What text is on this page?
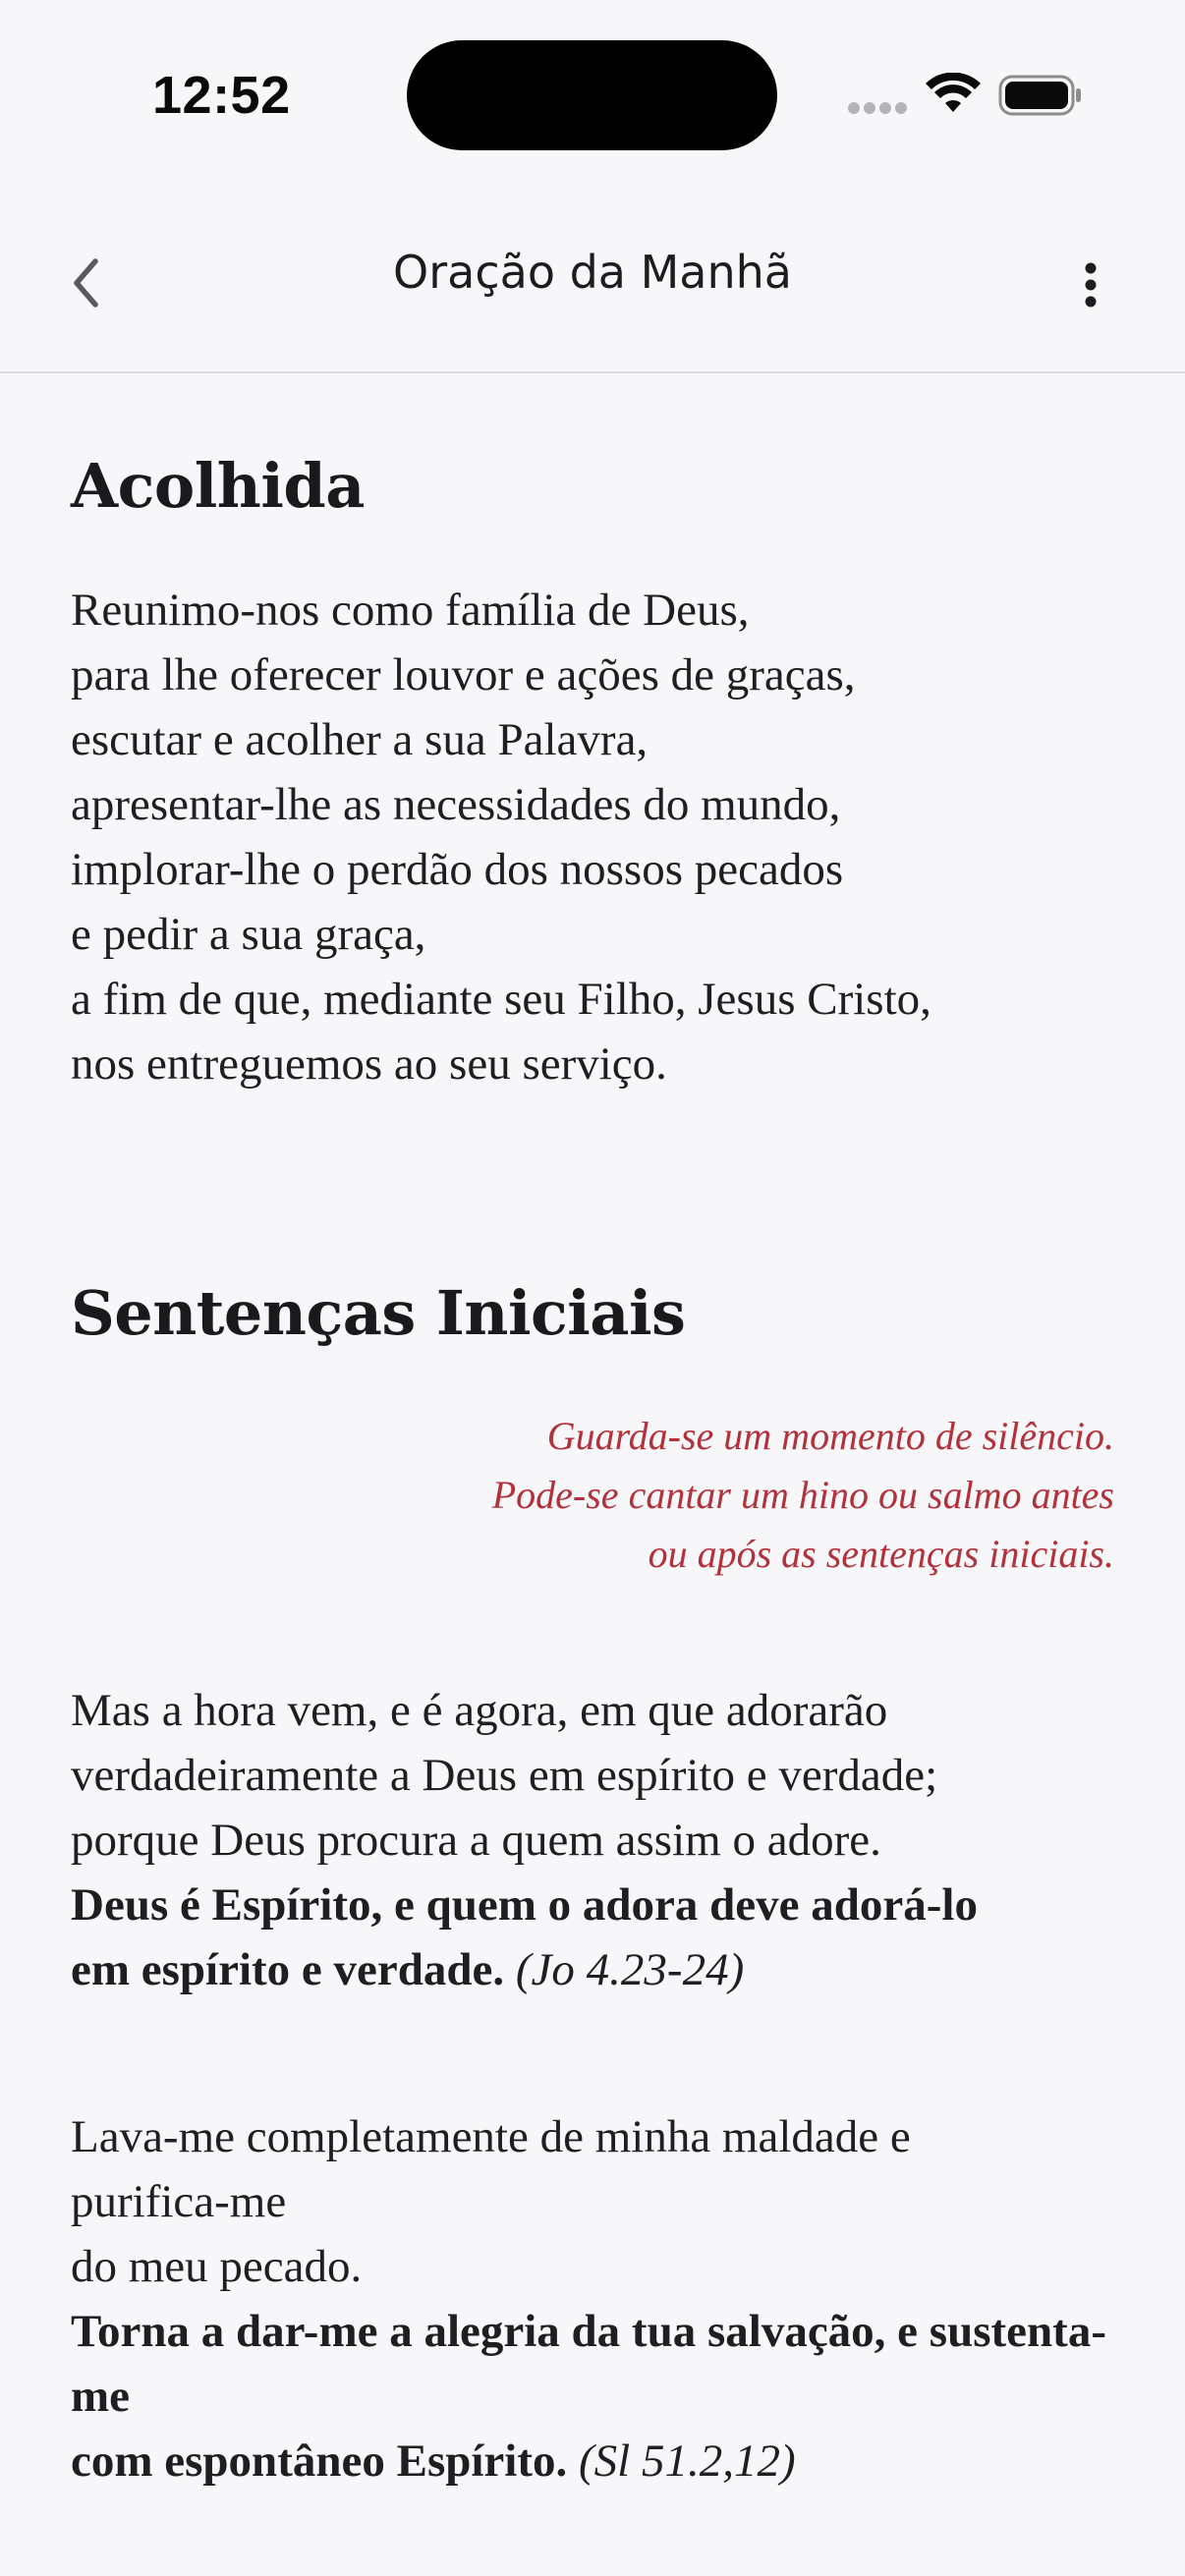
12:52
Oração da Manhã
Acolhida
Reunimo-nos como família de Deus,
para lhe oferecer louvor e ações de graças,
escutar e acolher a sua Palavra,
apresentar-lhe as necessidades do mundo,
implorar-lhe o perdão dos nossos pecados
e pedir a sua graça,
a fim de que, mediante seu Filho, Jesus Cristo,
nos entreguemos ao seu serviço.
Sentenças Iniciais
Guarda-se um momento de silêncio.
Pode-se cantar um hino ou salmo antes
ou após as sentenças iniciais.
Mas a hora vem, e é agora, em que adorarão
verdadeiramente a Deus em espírito e verdade;
porque Deus procura a quem assim o adore.
Deus é Espírito, e quem o adora deve adorá-lo
em espírito e verdade. (Jo 4.23-24)
Lava-me completamente de minha maldade e
purifica-me
do meu pecado.
Torna a dar-me a alegria da tua salvação, e sustenta-
me
com espontâneo Espírito. (Sl 51.2,12)
